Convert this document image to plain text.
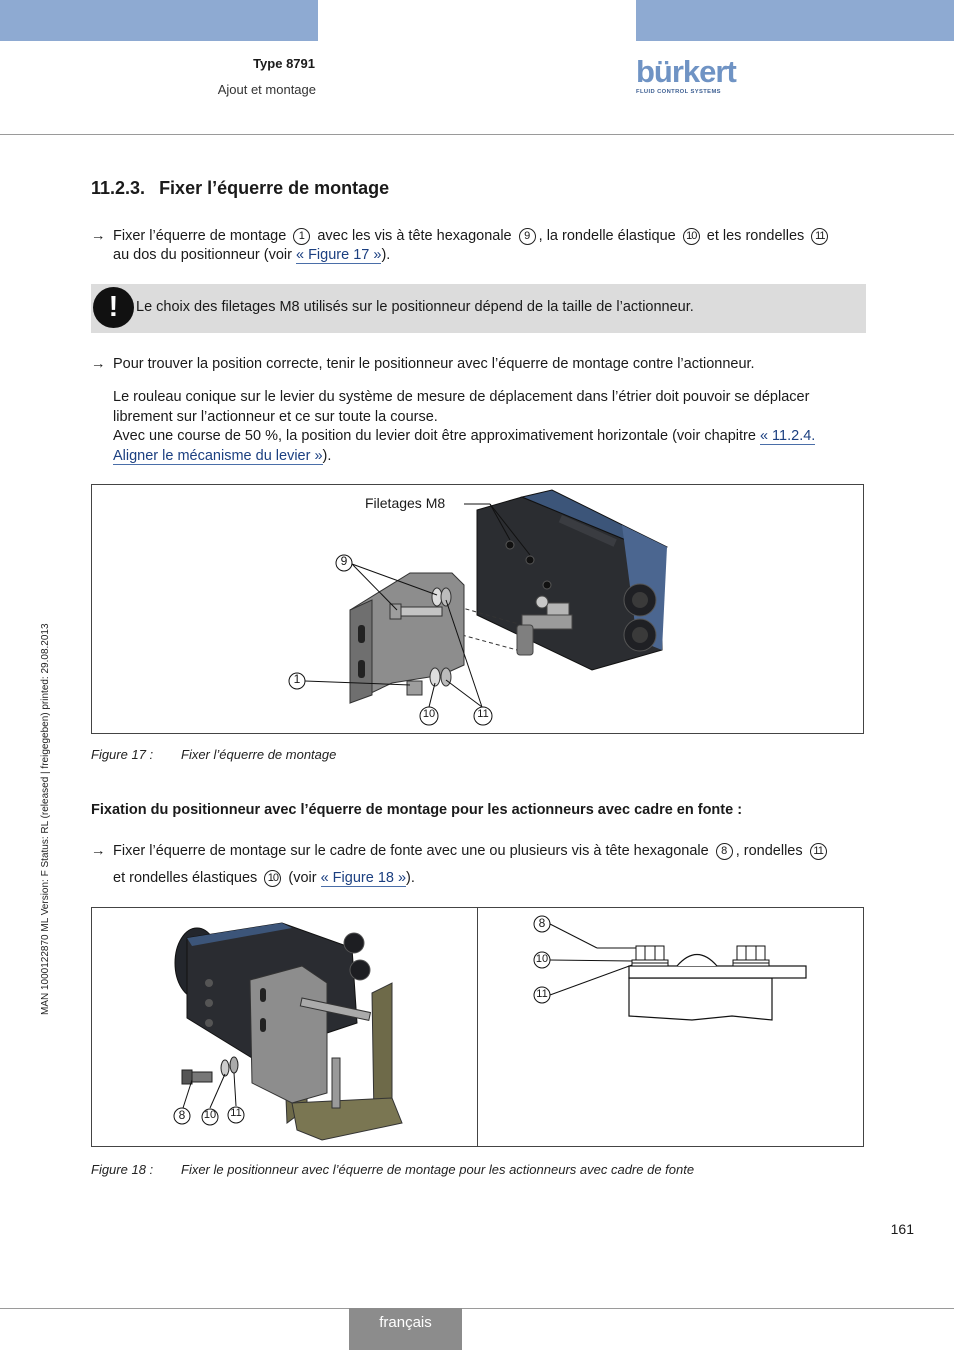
Type 8791
Ajout et montage
bürkert
FLUID CONTROL SYSTEMS
MAN 1000122870 ML Version: F Status: RL (released | freigegeben) printed: 29.08.2013
11.2.3. Fixer l’équerre de montage
→ Fixer l’équerre de montage 1 avec les vis à tête hexagonale 9 , la rondelle élastique 10 et les rondelles 11
au dos du positionneur (voir « Figure 17 »).
!	Le choix des filetages M8 utilisés sur le positionneur dépend de la taille de l’actionneur.
→ Pour trouver la position correcte, tenir le positionneur avec l’équerre de montage contre l’actionneur.
Le rouleau conique sur le levier du système de mesure de déplacement dans l’étrier doit pouvoir se déplacer
librement sur l’actionneur et ce sur toute la course.
Avec une course de 50 %, la position du levier doit être approximativement horizontale (voir chapitre « 11.2.4.
Aligner le mécanisme du levier »).
Filetages M8
9
1
10	11
Figure 17 : Fixer l’équerre de montage
Fixation du positionneur avec l’équerre de montage pour les actionneurs avec cadre en fonte :
→ Fixer l’équerre de montage sur le cadre de fonte avec une ou plusieurs vis à tête hexagonale 8 , rondelles 11
et rondelles élastiques 10 (voir « Figure 18 »).
8 10 11
8
10
11
Figure 18 : Fixer le positionneur avec l’équerre de montage pour les actionneurs avec cadre de fonte
161
français
